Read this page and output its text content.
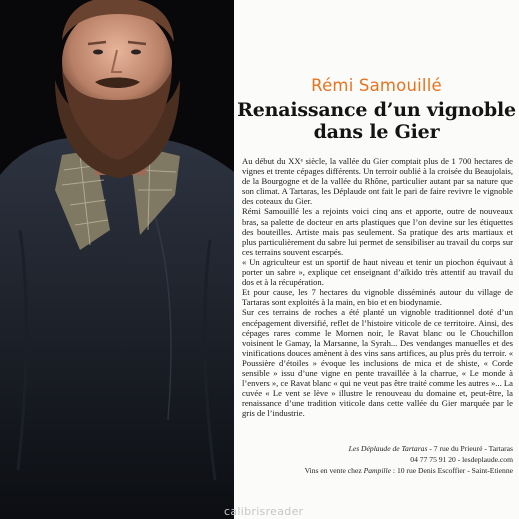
Rémi Samouillé
Renaissance d’un vignoble
dans le Gier

Au début du XXᵉ siècle, la vallée du Gier comptait plus de 1 700 hectares de vignes et trente cépages différents. Un terroir oublié à la croisée du Beaujolais, de la Bourgogne et de la vallée du Rhône, particulier autant par sa nature que son climat. A Tartaras, les Déplaude ont fait le pari de faire revivre le vignoble des coteaux du Gier.

Rémi Samouillé les a rejoints voici cinq ans et apporte, outre de nouveaux bras, sa palette de docteur en arts plastiques que l’on devine sur les étiquettes des bouteilles. Artiste mais pas seulement. Sa pratique des arts martiaux et plus particulièrement du sabre lui permet de sensibiliser au travail du corps sur ces terrains souvent escarpés.

« Un agriculteur est un sportif de haut niveau et tenir un piochon équivaut à porter un sabre », explique cet enseignant d’aïkido très attentif au travail du dos et à la récupération.

Et pour cause, les 7 hectares du vignoble disséminés autour du village de Tartaras sont exploités à la main, en bio et en biodynamie.

Sur ces terrains de roches a été planté un vignoble traditionnel doté d’un encépagement diversifié, reflet de l’histoire viticole de ce territoire. Ainsi, des cépages rares comme le Mornen noir, le Ravat blanc ou le Chouchillon voisinent le Gamay, la Marsanne, la Syrah... Des vendanges manuelles et des vinifications douces amènent à des vins sans artifices, au plus près du terroir. « Poussière d’étoiles » évoque les inclusions de mica et de shiste, « Corde sensible » issu d’une vigne en pente travaillée à la charrue, « Le monde à l’envers », ce Ravat blanc « qui ne veut pas être traité comme les autres »... La cuvée « Le vent se lève » illustre le renouveau du domaine et, peut-être, la renaissance d’une tradition viticole dans cette vallée du Gier marquée par le gris de l’industrie.

Les Déplaude de Tartaras - 7 rue du Prieuré - Tartaras
04 77 75 91 20 - lesdeplaude.com
Vins en vente chez Pampille : 10 rue Denis Escoffier - Saint-Etienne
calibrisreader
